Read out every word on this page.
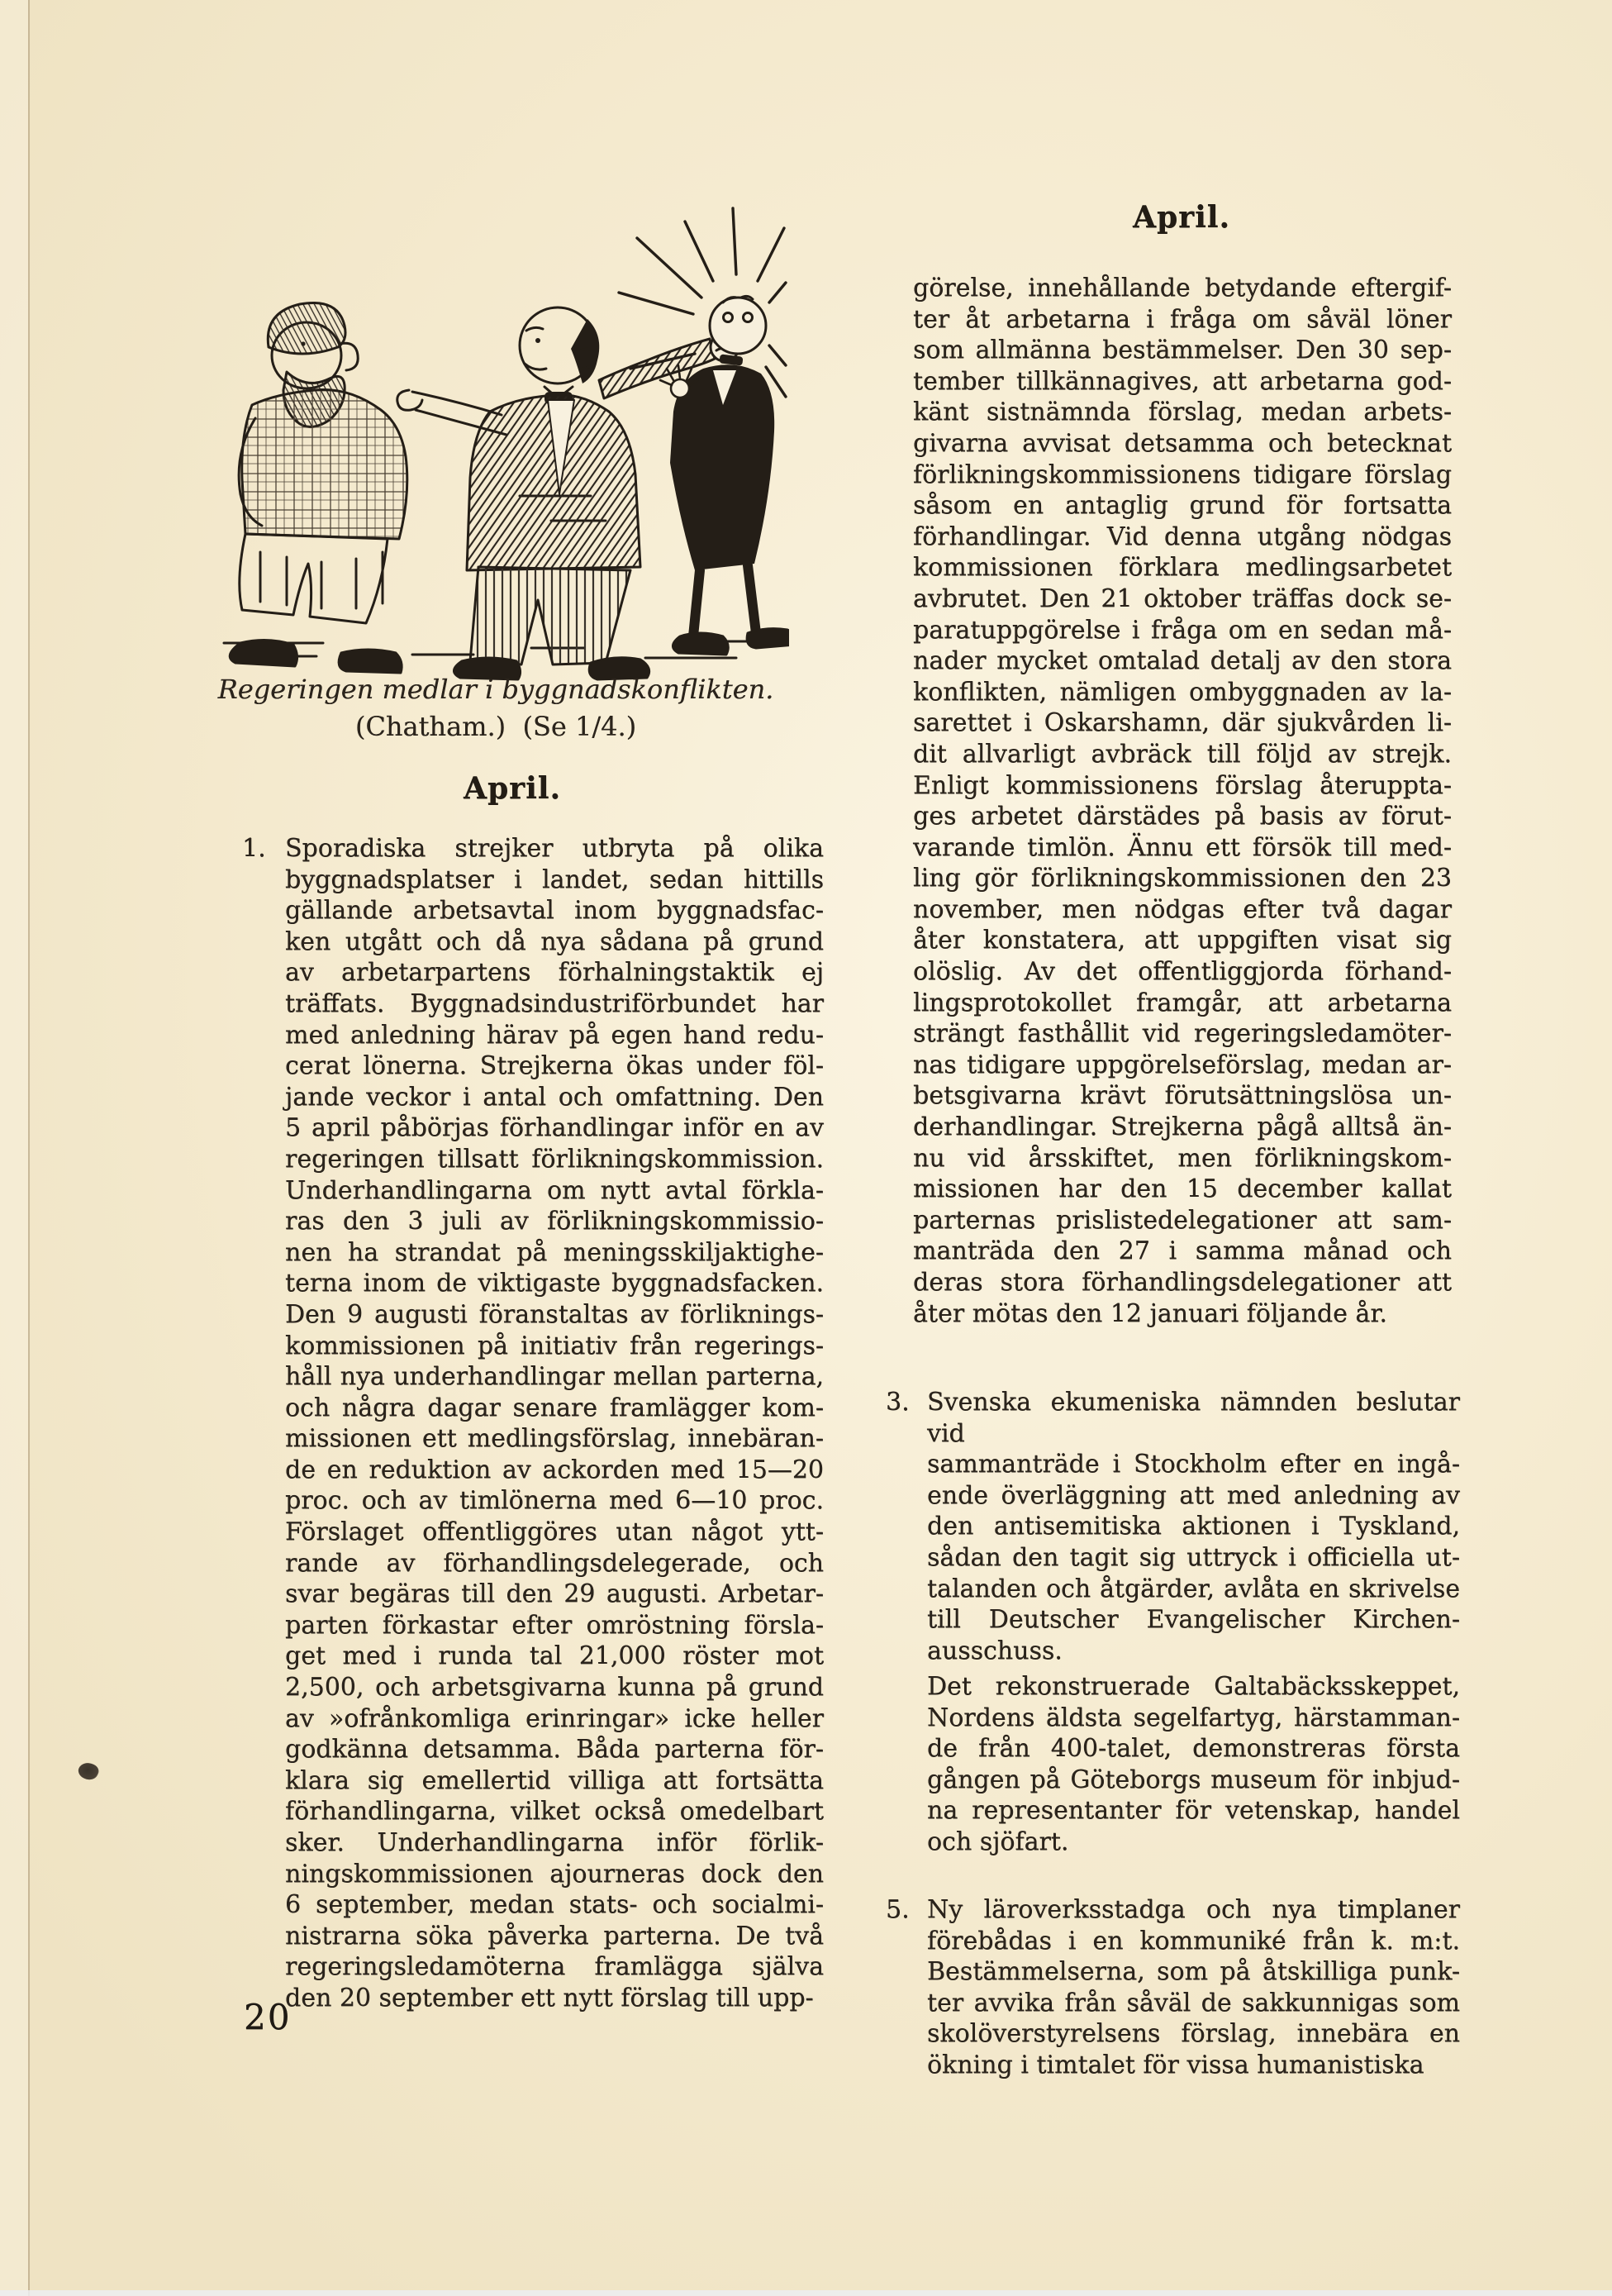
Regeringen medlar i byggnadskonflikten.
(Chatham.)  (Se 1/4.)
April.
1. Sporadiska strejker utbryta på olika
byggnadsplatser i landet, sedan hittills
gällande arbetsavtal inom byggnadsfac-
ken utgått och då nya sådana på grund
av arbetarpartens förhalningstaktik ej
träffats. Byggnadsindustriförbundet har
med anledning härav på egen hand redu-
cerat lönerna. Strejkerna ökas under föl-
jande veckor i antal och omfattning. Den
5 april påbörjas förhandlingar inför en av
regeringen tillsatt förlikningskommission.
Underhandlingarna om nytt avtal förkla-
ras den 3 juli av förlikningskommissio-
nen ha strandat på meningsskiljaktighe-
terna inom de viktigaste byggnadsfacken.
Den 9 augusti föranstaltas av förliknings-
kommissionen på initiativ från regerings-
håll nya underhandlingar mellan parterna,
och några dagar senare framlägger kom-
missionen ett medlingsförslag, innebäran-
de en reduktion av ackorden med 15—20
proc. och av timlönerna med 6—10 proc.
Förslaget offentliggöres utan något ytt-
rande av förhandlingsdelegerade, och
svar begäras till den 29 augusti. Arbetar-
parten förkastar efter omröstning försla-
get med i runda tal 21,000 röster mot
2,500, och arbetsgivarna kunna på grund
av »ofrånkomliga erinringar» icke heller
godkänna detsamma. Båda parterna för-
klara sig emellertid villiga att fortsätta
förhandlingarna, vilket också omedelbart
sker. Underhandlingarna inför förlik-
ningskommissionen ajourneras dock den
6 september, medan stats- och socialmi-
nistrarna söka påverka parterna. De två
regeringsledamöterna framlägga själva
den 20 september ett nytt förslag till upp-
April.
görelse, innehållande betydande eftergif-
ter åt arbetarna i fråga om såväl löner
som allmänna bestämmelser. Den 30 sep-
tember tillkännagives, att arbetarna god-
känt sistnämnda förslag, medan arbets-
givarna avvisat detsamma och betecknat
förlikningskommissionens tidigare förslag
såsom en antaglig grund för fortsatta
förhandlingar. Vid denna utgång nödgas
kommissionen förklara medlingsarbetet
avbrutet. Den 21 oktober träffas dock se-
paratuppgörelse i fråga om en sedan må-
nader mycket omtalad detalj av den stora
konflikten, nämligen ombyggnaden av la-
sarettet i Oskarshamn, där sjukvården li-
dit allvarligt avbräck till följd av strejk.
Enligt kommissionens förslag återuppta-
ges arbetet därstädes på basis av förut-
varande timlön. Ännu ett försök till med-
ling gör förlikningskommissionen den 23
november, men nödgas efter två dagar
åter konstatera, att uppgiften visat sig
olöslig. Av det offentliggjorda förhand-
lingsprotokollet framgår, att arbetarna
strängt fasthållit vid regeringsledamöter-
nas tidigare uppgörelseförslag, medan ar-
betsgivarna krävt förutsättningslösa un-
derhandlingar. Strejkerna pågå alltså än-
nu vid årsskiftet, men förlikningskom-
missionen har den 15 december kallat
parternas prislistedelegationer att sam-
manträda den 27 i samma månad och
deras stora förhandlingsdelegationer att
åter mötas den 12 januari följande år.
3. Svenska ekumeniska nämnden beslutar vid
sammanträde i Stockholm efter en ingå-
ende överläggning att med anledning av
den antisemitiska aktionen i Tyskland,
sådan den tagit sig uttryck i officiella ut-
talanden och åtgärder, avlåta en skrivelse
till Deutscher Evangelischer Kirchen-
ausschuss.
Det rekonstruerade Galtabäcksskeppet,
Nordens äldsta segelfartyg, härstamman-
de från 400-talet, demonstreras första
gången på Göteborgs museum för inbjud-
na representanter för vetenskap, handel
och sjöfart.
5. Ny läroverksstadga och nya timplaner
förebådas i en kommuniké från k. m:t.
Bestämmelserna, som på åtskilliga punk-
ter avvika från såväl de sakkunnigas som
skolöverstyrelsens förslag, innebära en
ökning i timtalet för vissa humanistiska
20
